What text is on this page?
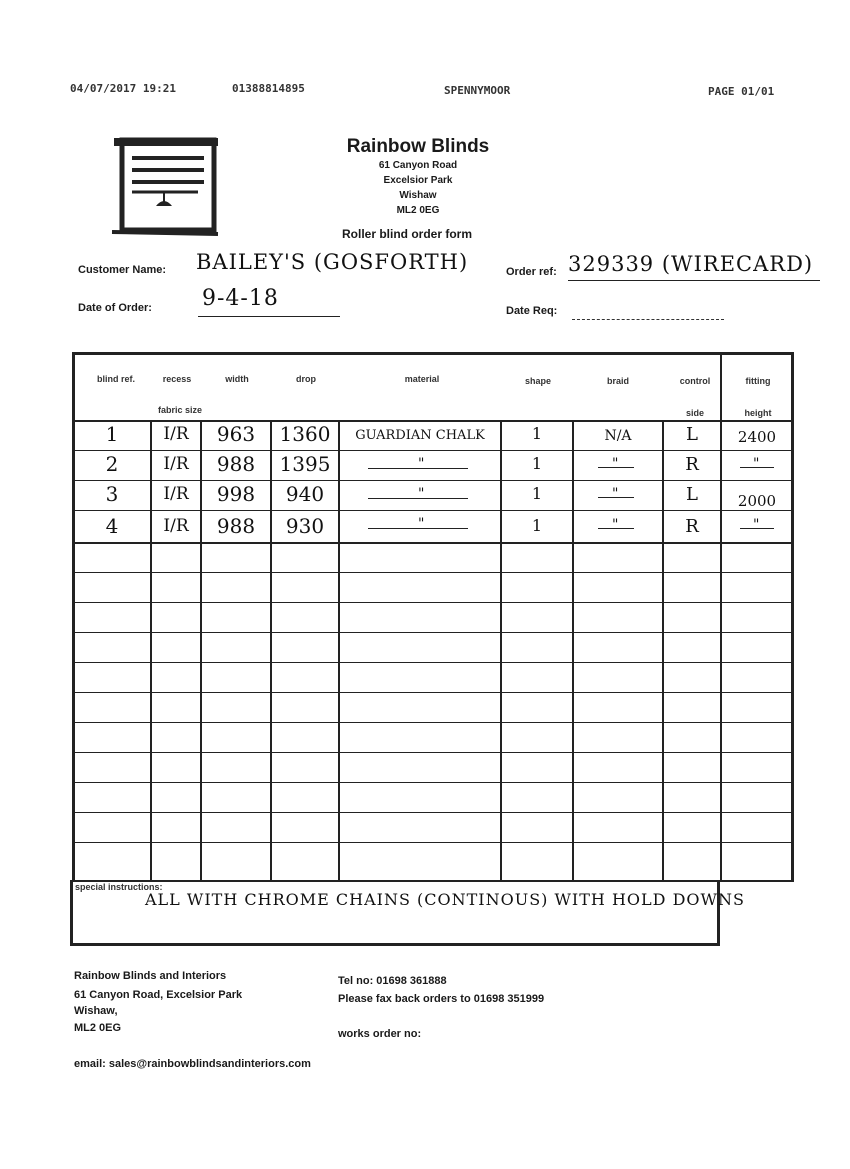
04/07/2017 19:21	01388814895	SPENNYMOOR	PAGE 01/01
Rainbow Blinds
61 Canyon Road
Excelsior Park
Wishaw
ML2 0EG
Roller blind order form
Customer Name: BAILEY'S (GOSFORTH)	Order ref: 329339 (WIRECARD)
Date of Order: 9-4-18	Date Req:
blind ref.	recess
fabric size
width	drop	material	shape	braid	control
side
fitting
height
1	I/R	963	1360	GUARDIAN CHALK	1	N/A	L	2400
2	I/R	988	1395	"	1	"	R	"
3	I/R	998	940	"	1	"	L	2000
4	I/R	988	930	"	1	"	R	"
special instructions:
ALL WITH CHROME CHAINS (CONTINOUS) WITH HOLD DOWNS
Rainbow Blinds and Interiors
61 Canyon Road, Excelsior Park
Wishaw,
ML2 0EG
Tel no: 01698 361888
Please fax back orders to 01698 351999
works order no:
email: sales@rainbowblindsandinteriors.com
